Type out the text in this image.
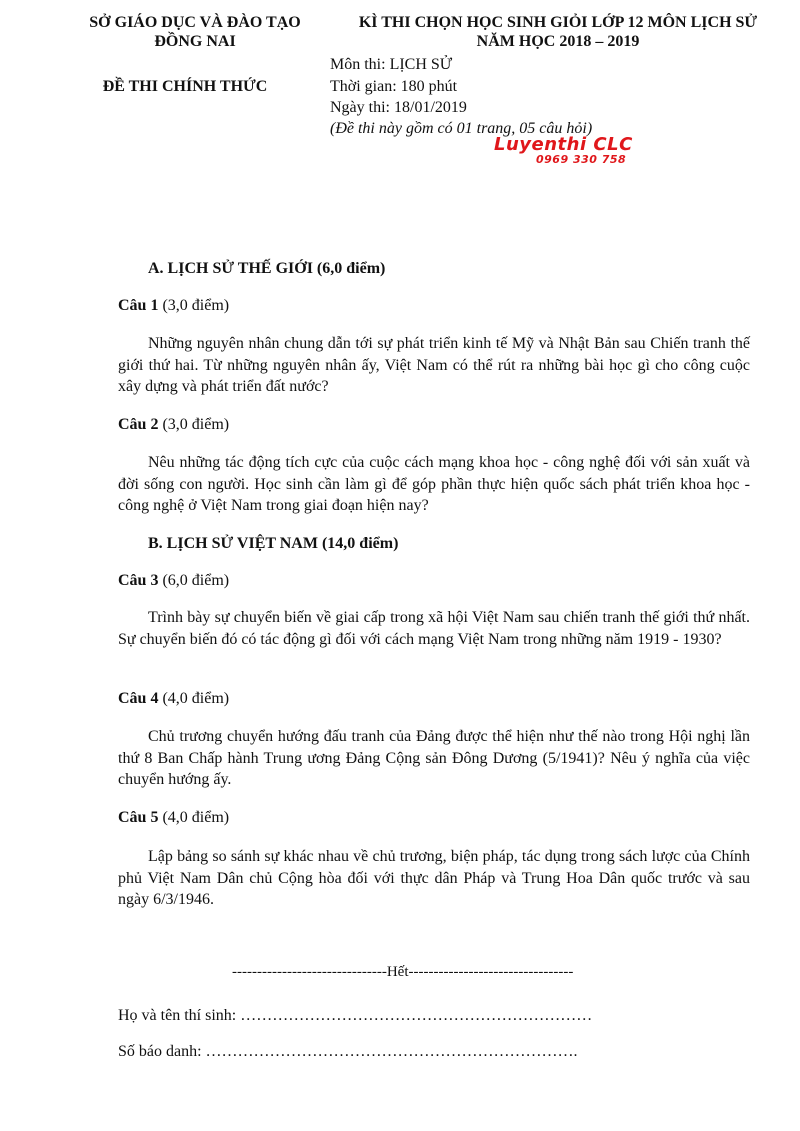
SỞ GIÁO DỤC VÀ ĐÀO TẠO
ĐỒNG NAI
ĐỀ THI CHÍNH THỨC
KÌ THI CHỌN HỌC SINH GIỎI LỚP 12 MÔN LỊCH SỬ
NĂM HỌC 2018 – 2019
Môn thi: LỊCH SỬ
Thời gian: 180 phút
Ngày thi: 18/01/2019
(Đề thi này gồm có 01 trang, 05 câu hỏi)
Luyenthi CLC
0969 330 758
A. LỊCH SỬ THẾ GIỚI (6,0 điểm)
Câu 1 (3,0 điểm)
Những nguyên nhân chung dẫn tới sự phát triển kinh tế Mỹ và Nhật Bản sau Chiến tranh thế giới thứ hai. Từ những nguyên nhân ấy, Việt Nam có thể rút ra những bài học gì cho công cuộc xây dựng và phát triển đất nước?
Câu 2 (3,0 điểm)
Nêu những tác động tích cực của cuộc cách mạng khoa học - công nghệ đối với sản xuất và đời sống con người. Học sinh cần làm gì để góp phần thực hiện quốc sách phát triển khoa học - công nghệ ở Việt Nam trong giai đoạn hiện nay?
B. LỊCH SỬ VIỆT NAM (14,0 điểm)
Câu 3 (6,0 điểm)
Trình bày sự chuyển biến về giai cấp trong xã hội Việt Nam sau chiến tranh thế giới thứ nhất. Sự chuyển biến đó có tác động gì đối với cách mạng Việt Nam trong những năm 1919 - 1930?
Câu 4 (4,0 điểm)
Chủ trương chuyển hướng đấu tranh của Đảng được thể hiện như thế nào trong Hội nghị lần thứ 8 Ban Chấp hành Trung ương Đảng Cộng sản Đông Dương (5/1941)? Nêu ý nghĩa của việc chuyển hướng ấy.
Câu 5 (4,0 điểm)
Lập bảng so sánh sự khác nhau về chủ trương, biện pháp, tác dụng trong sách lược của Chính phủ Việt Nam Dân chủ Cộng hòa đối với thực dân Pháp và Trung Hoa Dân quốc trước và sau ngày 6/3/1946.
-------------------------------Hết---------------------------------
Họ và tên thí sinh: …………………………………………………………
Số báo danh: …………………………………………………………….
